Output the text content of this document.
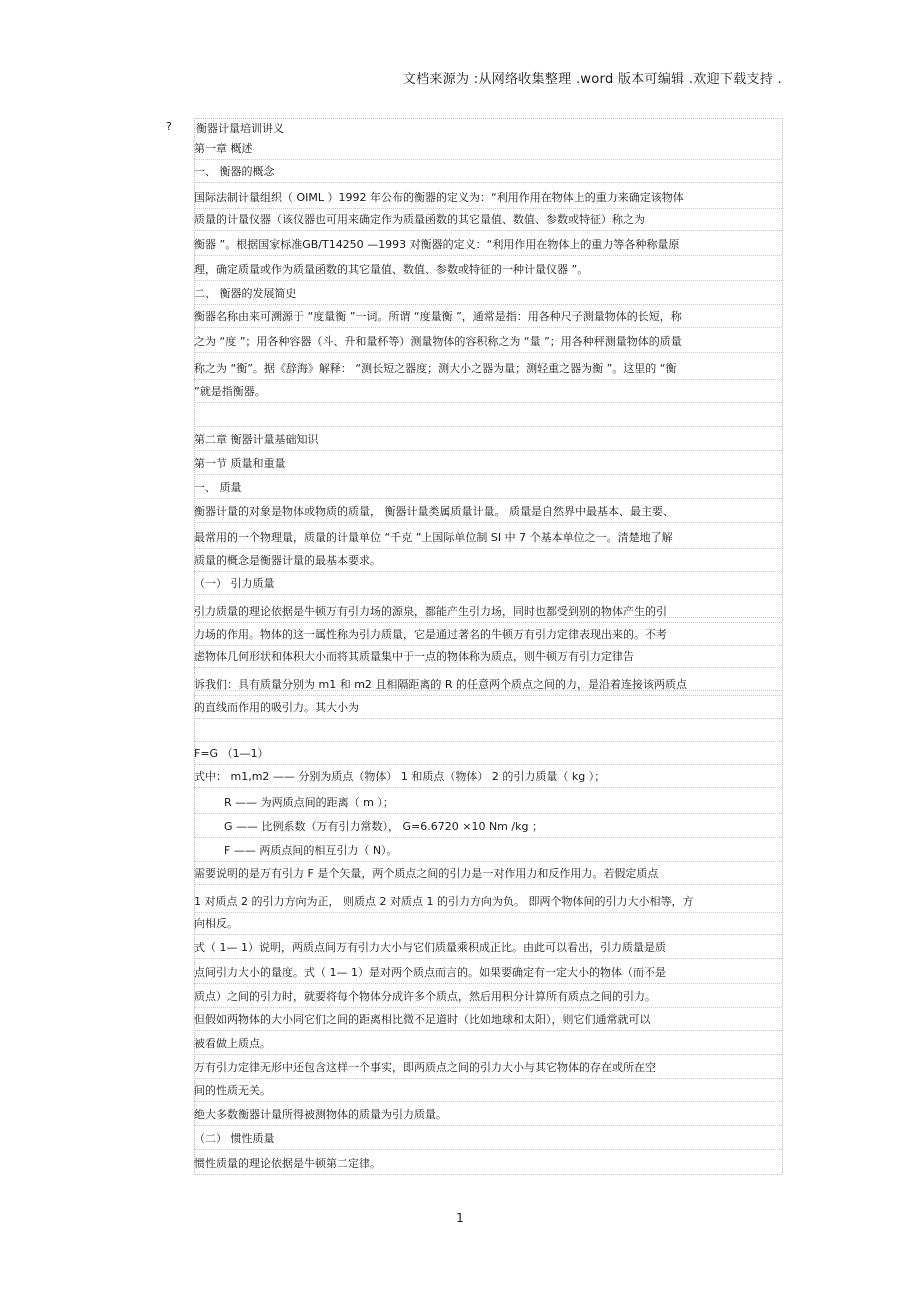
文档来源为 :从网络收集整理 .word 版本可编辑 .欢迎下载支持 .
? 衡器计量培训讲义
第一章 概述
一、 衡器的概念
国际法制计量组织（ OIML ）1992 年公布的衡器的定义为：“利用作用在物体上的重力来确定该物体
质量的计量仪器（该仪器也可用来确定作为质量函数的其它量值、数值、参数或特征）称之为
衡器 ”。根据国家标准GB/T14250 —1993 对衡器的定义：“利用作用在物体上的重力等各种称量原
理，确定质量或作为质量函数的其它量值、数值、参数或特征的一种计量仪器 ”。
二、 衡器的发展简史
衡器名称由来可溯源于 “度量衡 ”一词。所谓 “度量衡 ”，通常是指：用各种尺子测量物体的长短，称
之为 “度 ”；用各种容器（斗、升和量杯等）测量物体的容积称之为 “量 ”；用各种秤测量物体的质量
称之为 “衡”。据《辞海》解释： “测长短之器度；测大小之器为量；测轻重之器为衡 ”。这里的 “衡
”就是指衡器。
第二章 衡器计量基础知识
第一节 质量和重量
一、 质量
衡器计量的对象是物体或物质的质量， 衡器计量类属质量计量。 质量是自然界中最基本、最主要、
最常用的一个物理量，质量的计量单位 “千克 ”上国际单位制 SI 中 7 个基本单位之一。清楚地了解
质量的概念是衡器计量的最基本要求。
（一） 引力质量
引力质量的理论依据是牛顿万有引力场的源泉，都能产生引力场，同时也都受到别的物体产生的引
力场的作用。物体的这一属性称为引力质量，它是通过著名的牛顿万有引力定律表现出来的。不考
虑物体几何形状和体积大小而将其质量集中于一点的物体称为质点，则牛顿万有引力定律告
诉我们：具有质量分别为 m1 和 m2 且相隔距离的 R 的任意两个质点之间的力，是沿着连接该两质点
的直线而作用的吸引力。其大小为
F=G （1—1）
式中： m1,m2 —— 分别为质点（物体） 1 和质点（物体） 2 的引力质量（ kg ）；
R —— 为两质点间的距离（ m ）；
G —— 比例系数（万有引力常数）， G=6.6720 ×10 Nm /kg ；
F —— 两质点间的相互引力（ N）。
需要说明的是万有引力 F 是个矢量，两个质点之间的引力是一对作用力和反作用力。若假定质点
1 对质点 2 的引力方向为正， 则质点 2 对质点 1 的引力方向为负。 即两个物体间的引力大小相等，方
向相反。
式（ 1— 1）说明，两质点间万有引力大小与它们质量乘积成正比。由此可以看出，引力质量是质
点间引力大小的量度。式（ 1— 1）是对两个质点而言的。如果要确定有一定大小的物体（而不是
质点）之间的引力时，就要将每个物体分成许多个质点，然后用积分计算所有质点之间的引力。
但假如两物体的大小同它们之间的距离相比微不足道时（比如地球和太阳），则它们通常就可以
被看做上质点。
万有引力定律无形中还包含这样一个事实，即两质点之间的引力大小与其它物体的存在或所在空
间的性质无关。
绝大多数衡器计量所得被测物体的质量为引力质量。
（二） 惯性质量
惯性质量的理论依据是牛顿第二定律。
1
